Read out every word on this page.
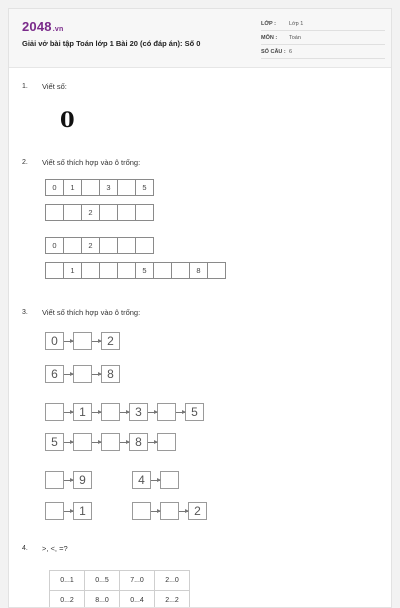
2048.vn
Giải vở bài tập Toán lớp 1 Bài 20 (có đáp án): Số 0
LỚP : Lớp 1
MÔN : Toán
SỐ CÂU : 6
1. Viết số:
0
2. Viết số thích hợp vào ô trống:
0	1	3	5
2
0	2
1	5	8
3. Viết số thích hợp vào ô trống:
0	2
6	8
1	3	5
5	8
9	4
1	2
4. >, <, =?
0...1	0...5	7...0	2...0
0...2	8...0	0...4	2...2
